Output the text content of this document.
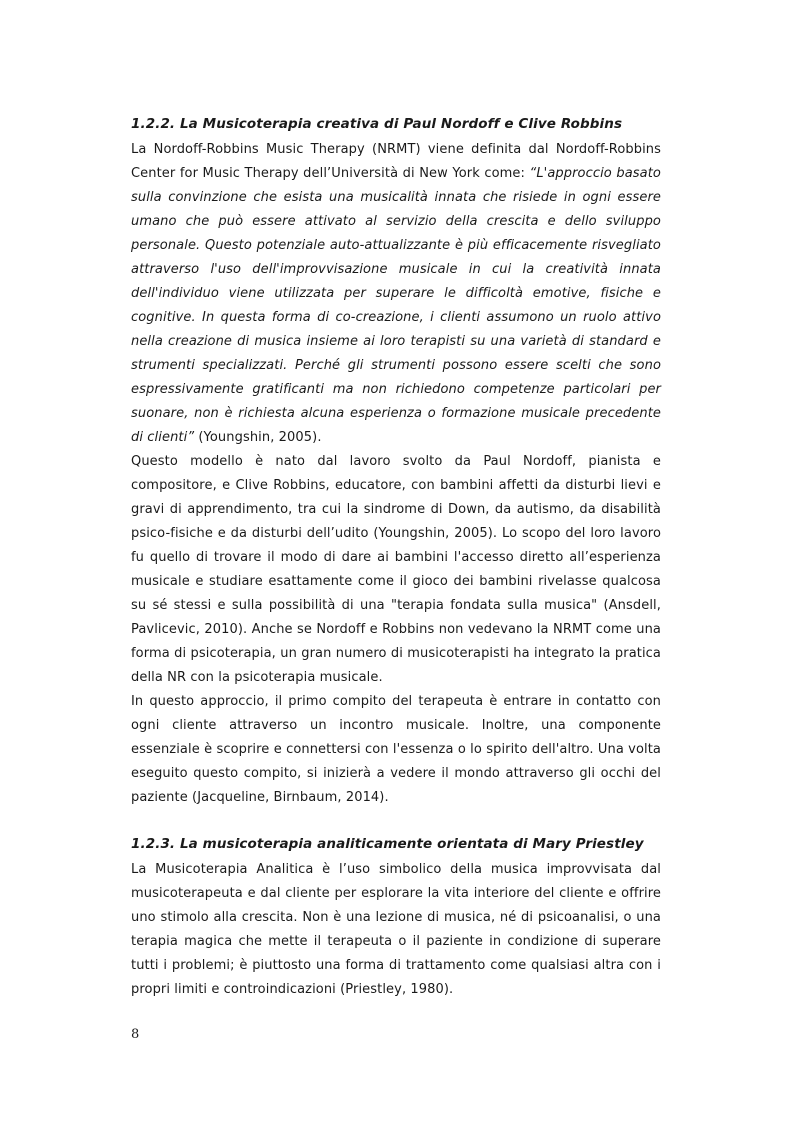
1.2.2. La Musicoterapia creativa di Paul Nordoff e Clive Robbins

La Nordoff-Robbins Music Therapy (NRMT) viene definita dal Nordoff-Robbins Center for Music Therapy dell’Università di New York come: “L'approccio basato sulla convinzione che esista una musicalità innata che risiede in ogni essere umano che può essere attivato al servizio della crescita e dello sviluppo personale. Questo potenziale auto-attualizzante è più efficacemente risvegliato attraverso l'uso dell'improvvisazione musicale in cui la creatività innata dell'individuo viene utilizzata per superare le difficoltà emotive, fisiche e cognitive. In questa forma di co-creazione, i clienti assumono un ruolo attivo nella creazione di musica insieme ai loro terapisti su una varietà di standard e strumenti specializzati. Perché gli strumenti possono essere scelti che sono espressivamente gratificanti ma non richiedono competenze particolari per suonare, non è richiesta alcuna esperienza o formazione musicale precedente di clienti” (Youngshin, 2005).

Questo modello è nato dal lavoro svolto da Paul Nordoff, pianista e compositore, e Clive Robbins, educatore, con bambini affetti da disturbi lievi e gravi di apprendimento, tra cui la sindrome di Down, da autismo, da disabilità psico-fisiche e da disturbi dell’udito (Youngshin, 2005). Lo scopo del loro lavoro fu quello di trovare il modo di dare ai bambini l'accesso diretto all’esperienza musicale e studiare esattamente come il gioco dei bambini rivelasse qualcosa su sé stessi e sulla possibilità di una "terapia fondata sulla musica" (Ansdell, Pavlicevic, 2010). Anche se Nordoff e Robbins non vedevano la NRMT come una forma di psicoterapia, un gran numero di musicoterapisti ha integrato la pratica della NR con la psicoterapia musicale.

In questo approccio, il primo compito del terapeuta è entrare in contatto con ogni cliente attraverso un incontro musicale. Inoltre, una componente essenziale è scoprire e connettersi con l'essenza o lo spirito dell'altro. Una volta eseguito questo compito, si inizierà a vedere il mondo attraverso gli occhi del paziente (Jacqueline, Birnbaum, 2014).

1.2.3. La musicoterapia analiticamente orientata di Mary Priestley

La Musicoterapia Analitica è l’uso simbolico della musica improvvisata dal musicoterapeuta e dal cliente per esplorare la vita interiore del cliente e offrire uno stimolo alla crescita. Non è una lezione di musica, né di psicoanalisi, o una terapia magica che mette il terapeuta o il paziente in condizione di superare tutti i problemi; è piuttosto una forma di trattamento come qualsiasi altra con i propri limiti e controindicazioni (Priestley, 1980).

8
